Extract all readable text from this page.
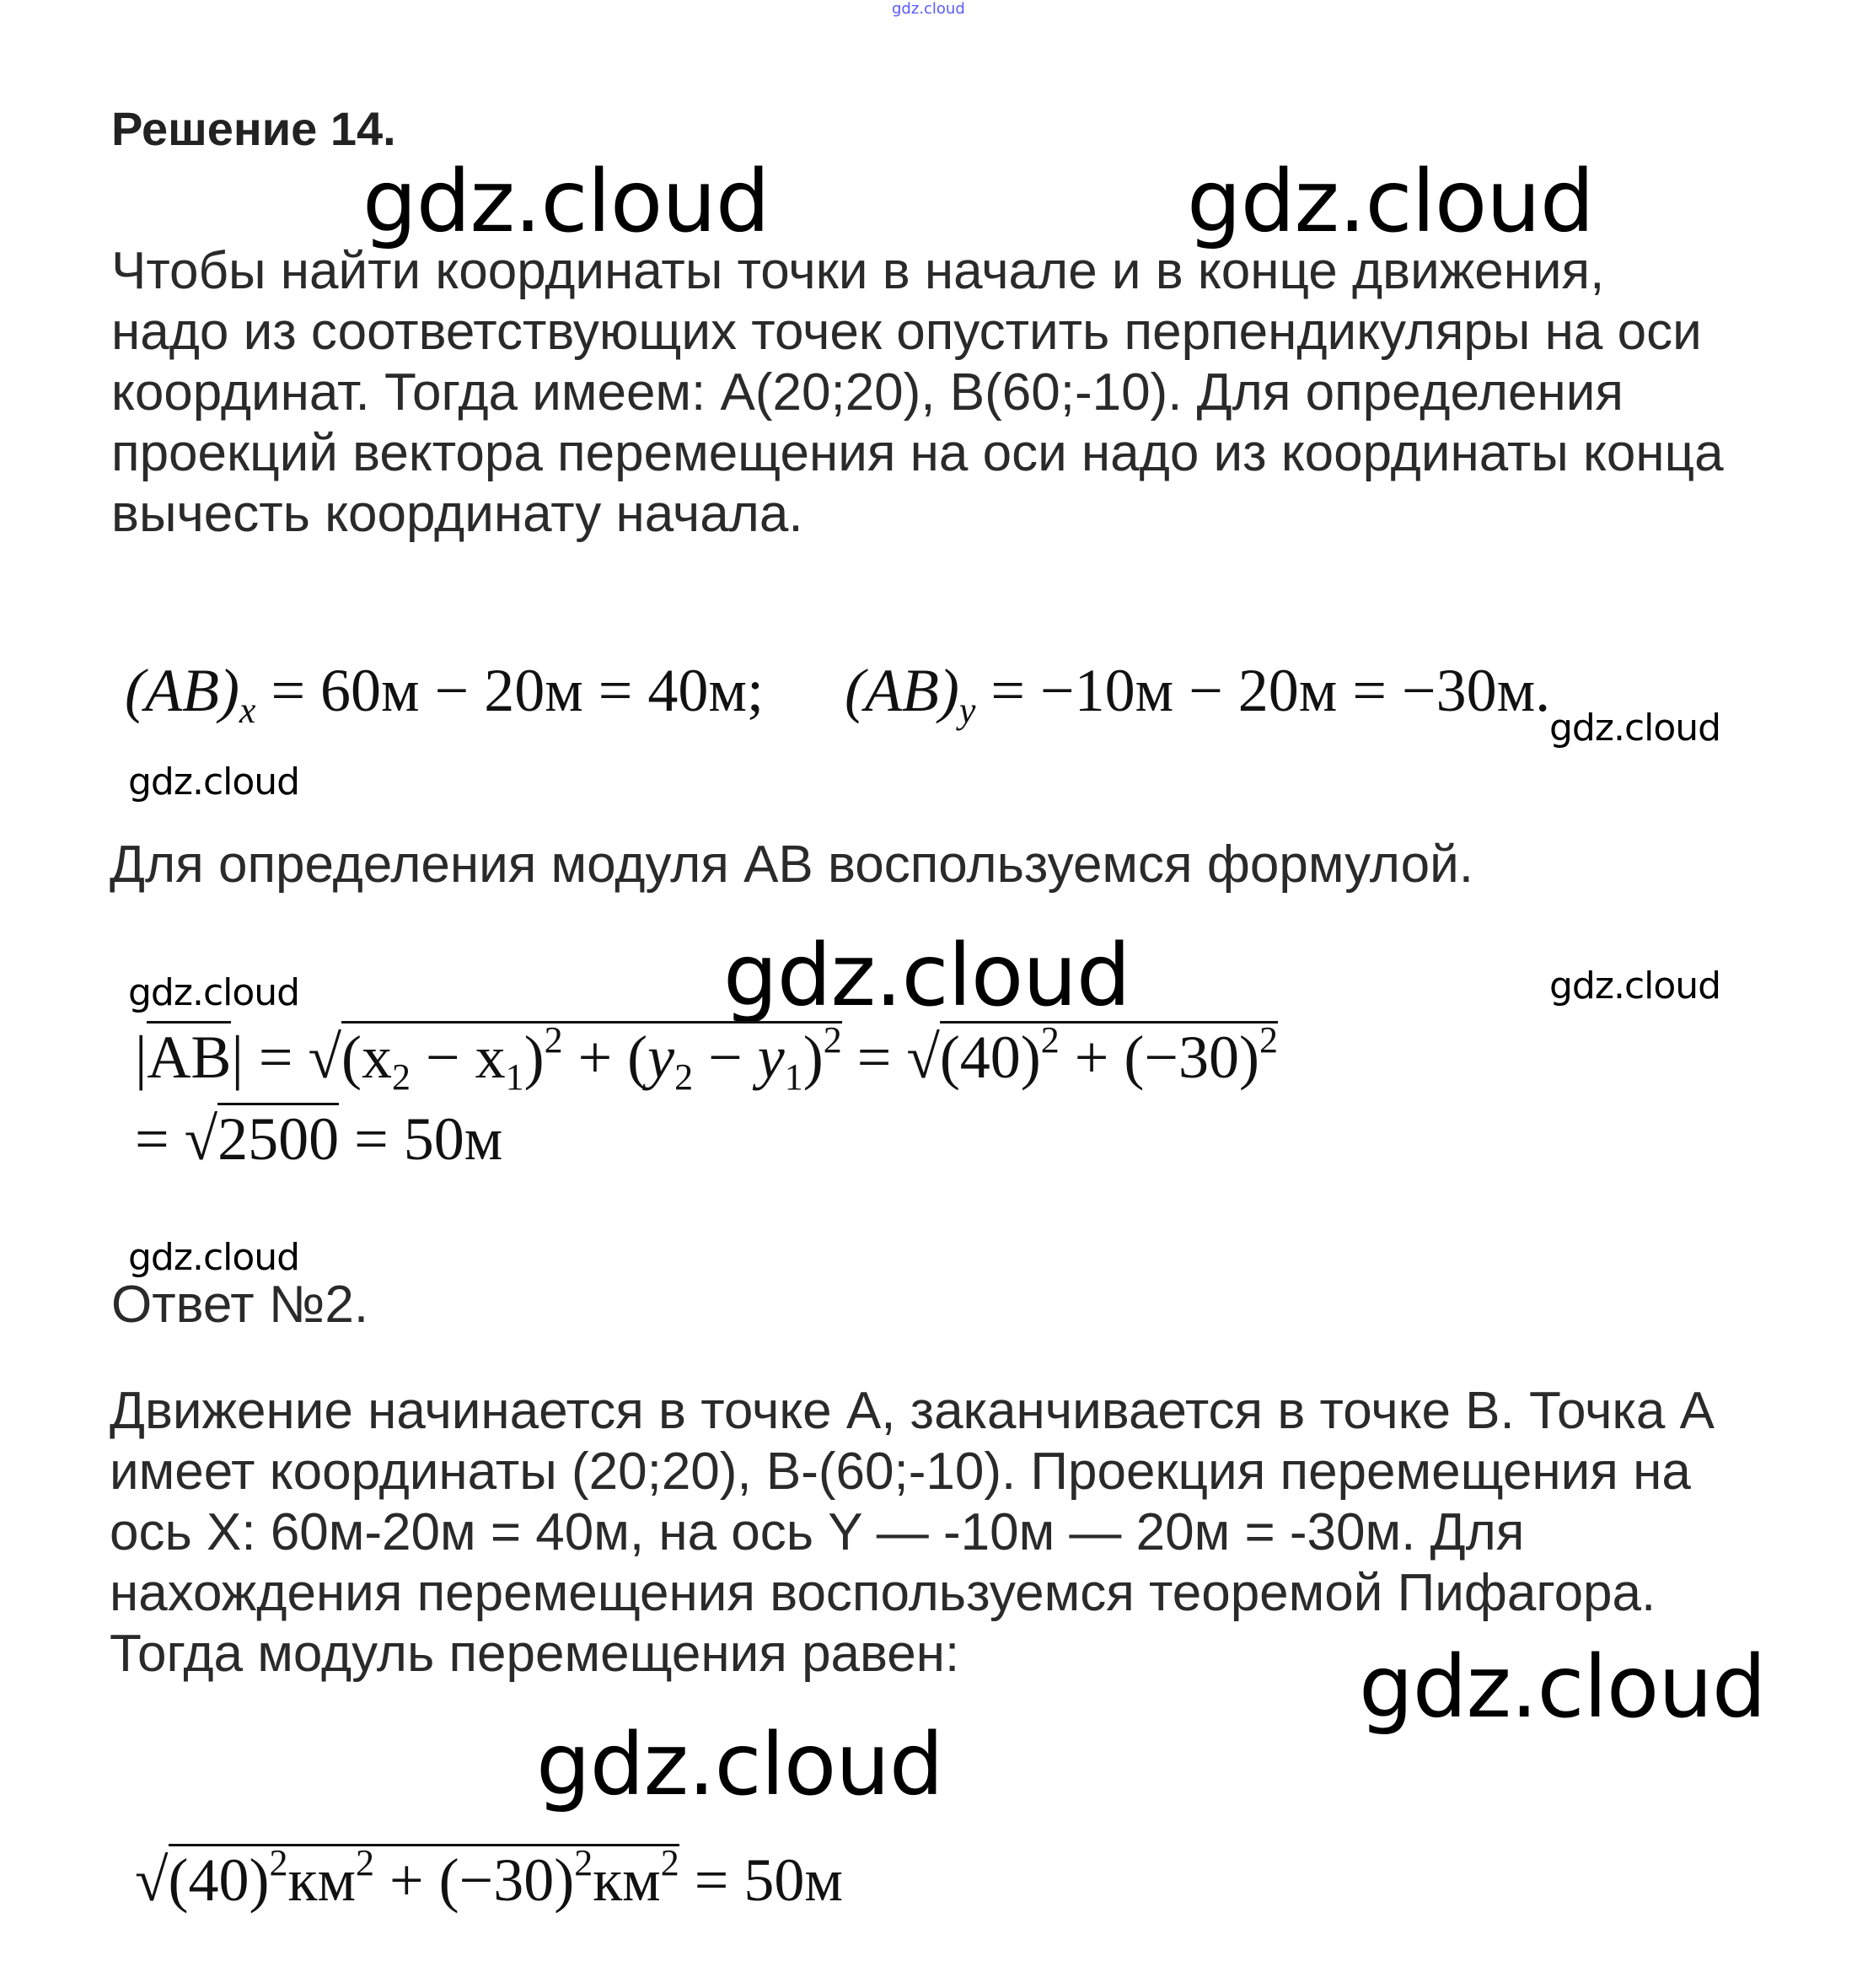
gdz.cloud
Решение 14.
gdz.cloud	gdz.cloud
Чтобы найти координаты точки в начале и в конце движения,
надо из соответствующих точек опустить перпендикуляры на оси
координат. Тогда имеем: A(20;20), B(60;-10). Для определения
проекций вектора перемещения на оси надо из координаты конца
вычесть координату начала.
$(AB)_x = 60м - 20м = 40м$; $(AB)_y = -10м - 20м = -30м$.
gdz.cloud
gdz.cloud
Для определения модуля AB воспользуемся формулой.
gdz.cloud	gdz.cloud	gdz.cloud
$|AB| = √(x_2 - x_1)^2 + (y_2 - y_1)^2 = √(40)^2 + (-30)^2$
= √2500 = 50м
gdz.cloud
Ответ №2.
Движение начинается в точке A, заканчивается в точке B. Точка A
имеет координаты (20;20), B-(60;-10). Проекция перемещения на
ось X: 60м-20м = 40м, на ось Y — -10м — 20м = -30м. Для
нахождения перемещения воспользуемся теоремой Пифагора.
Тогда модуль перемещения равен:	gdz.cloud
gdz.cloud
$√(40)^2км^2 + (-30)^2км^2 = 50м$
